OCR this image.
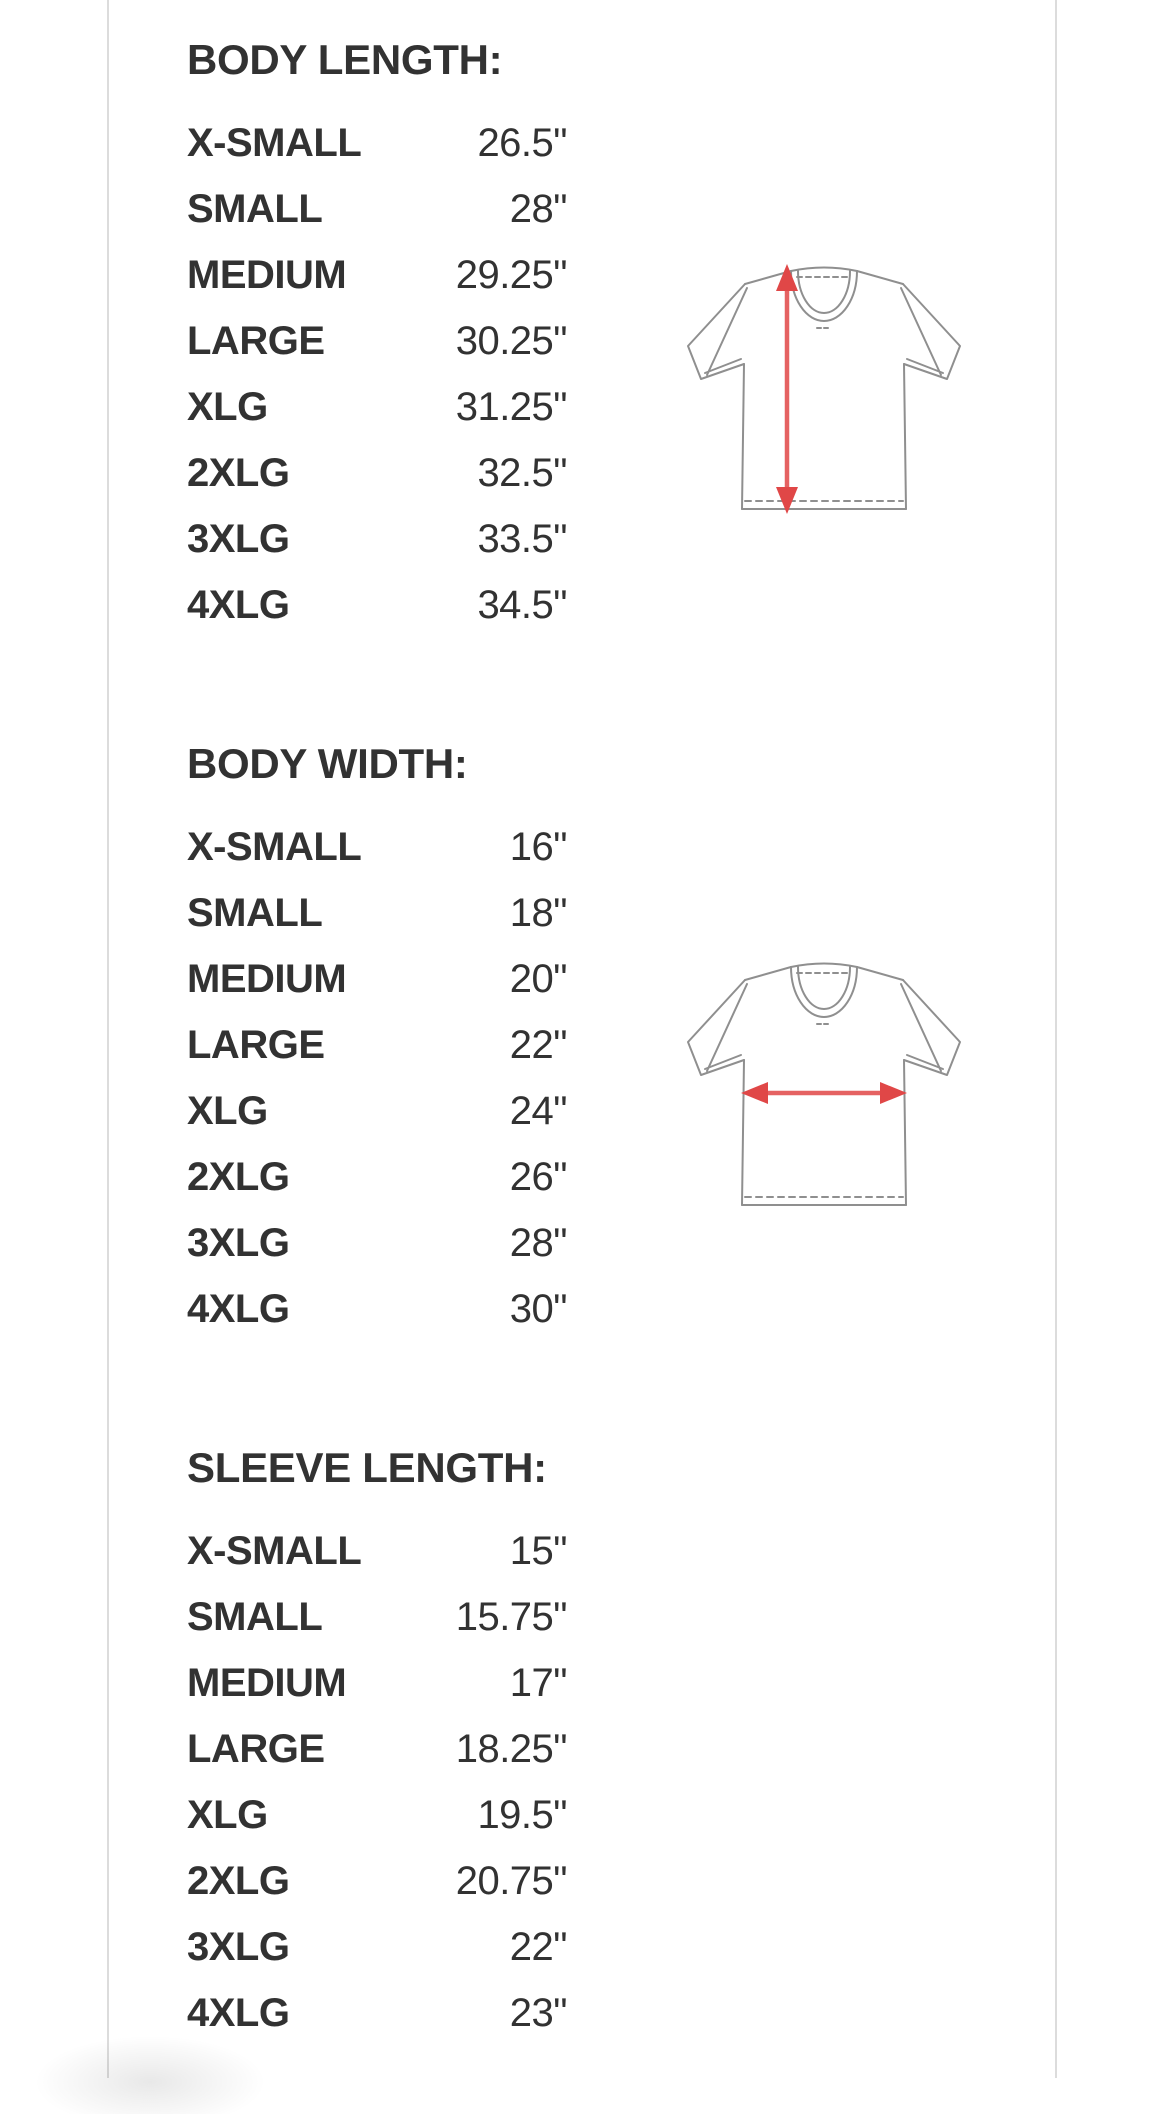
BODY LENGTH:
X-SMALL	26.5"
SMALL	28"
MEDIUM	29.25"
LARGE	30.25"
XLG	31.25"
2XLG	32.5"
3XLG	33.5"
4XLG	34.5"
BODY WIDTH:
X-SMALL	16"
SMALL	18"
MEDIUM	20"
LARGE	22"
XLG	24"
2XLG	26"
3XLG	28"
4XLG	30"
SLEEVE LENGTH:
X-SMALL	15"
SMALL	15.75"
MEDIUM	17"
LARGE	18.25"
XLG	19.5"
2XLG	20.75"
3XLG	22"
4XLG	23"
